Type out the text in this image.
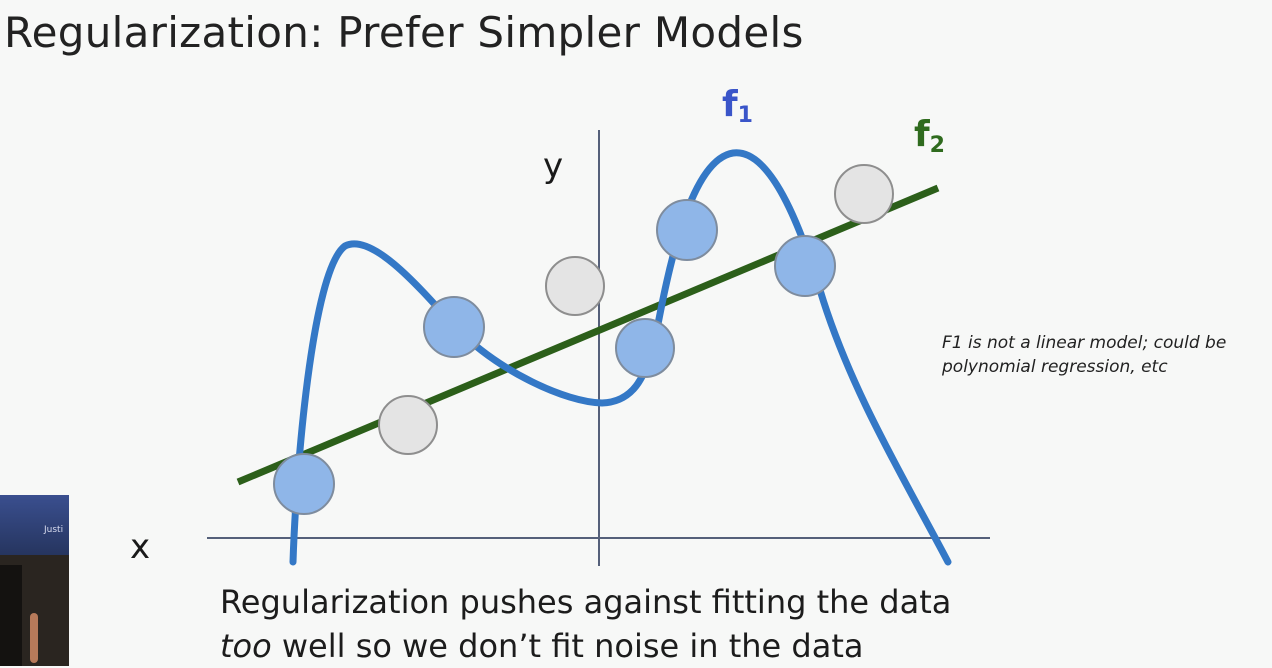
Regularization: Prefer Simpler Models
y
x
$f_1$	$f_2$
F1 is not a linear model; could be polynomial regression, etc
Regularization pushes against fitting the data
too well so we don’t fit noise in the data
Justi
